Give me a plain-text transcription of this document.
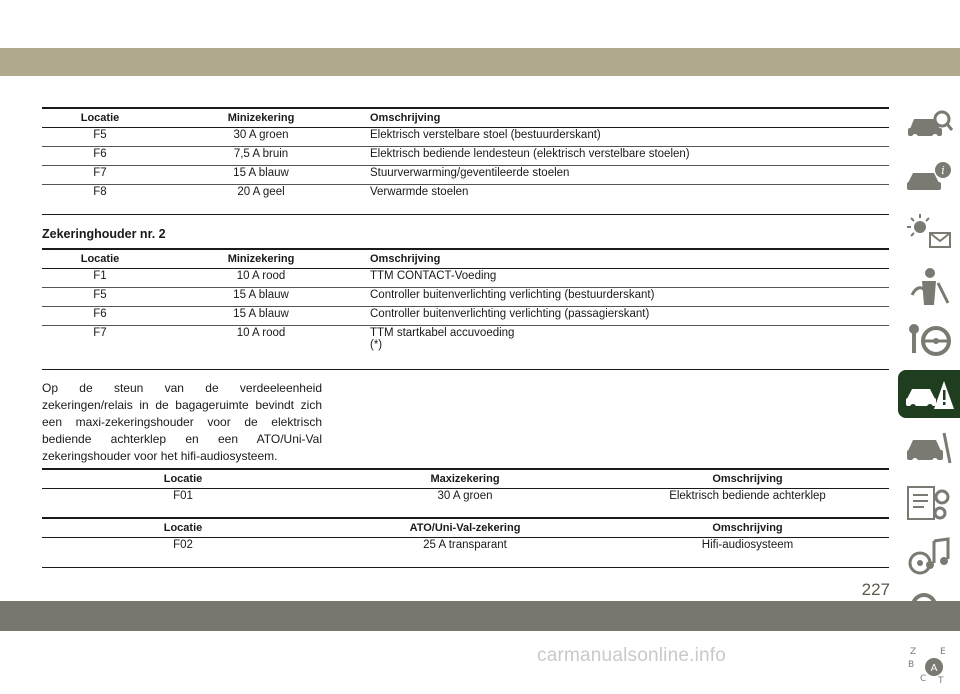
Locatie	Minizekering	Omschrijving
F5	30 A groen	Elektrisch verstelbare stoel (bestuurderskant)
F6	7,5 A bruin	Elektrisch bediende lendesteun (elektrisch verstelbare stoelen)
F7	15 A blauw	Stuurverwarming/geventileerde stoelen
F8	20 A geel	Verwarmde stoelen
Zekeringhouder nr. 2
Locatie	Minizekering	Omschrijving
F1	10 A rood	TTM CONTACT-Voeding
F5	15 A blauw	Controller buitenverlichting verlichting (bestuurderskant)
F6	15 A blauw	Controller buitenverlichting verlichting (passagierskant)
F7	10 A rood	TTM startkabel accuvoeding
(*)

Op de steun van de verdeeleenheid zekeringen/relais in de bagageruimte bevindt zich een maxi-zekeringshouder voor de elektrisch bediende achterklep en een ATO/Uni-Val zekeringshouder voor het hifi-audiosysteem.

Locatie	Maxizekering	Omschrijving
F01	30 A groen	Elektrisch bediende achterklep
Locatie	ATO/Uni-Val-zekering	Omschrijving
F02	25 A transparant	Hifi-audiosysteem
i
Z	E
B
C T
A
227
carmanualsonline.info
